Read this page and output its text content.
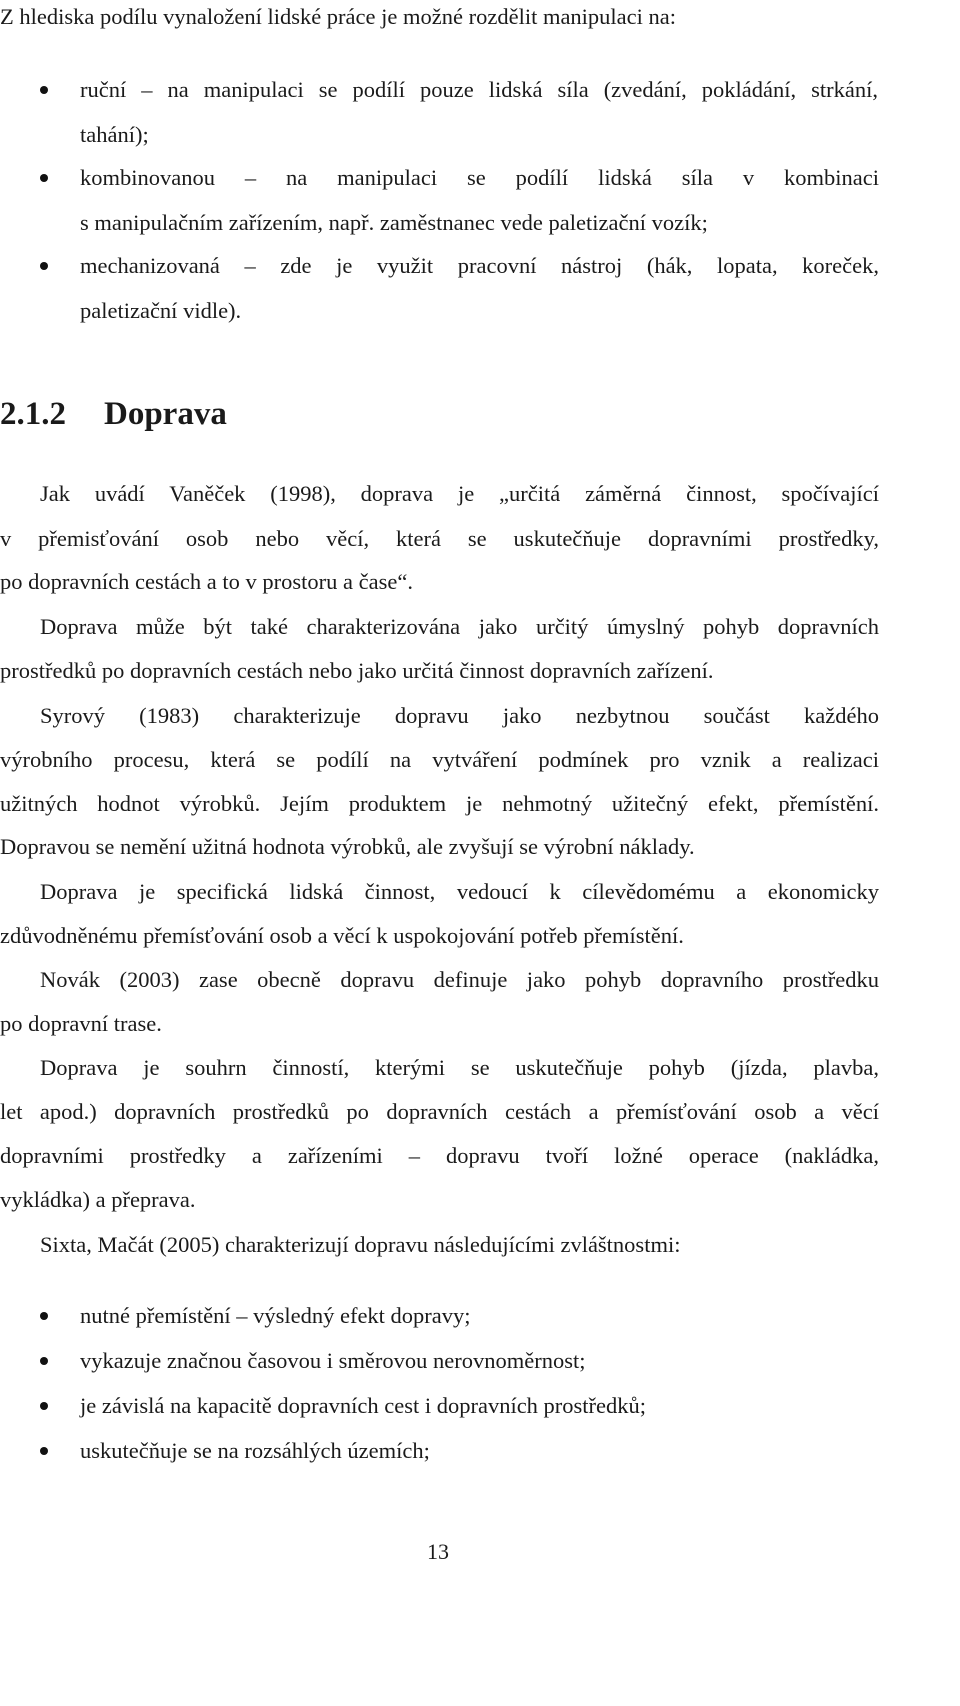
Z hlediska podílu vynaložení lidské práce je možné rozdělit manipulaci na:
ruční – na manipulaci se podílí pouze lidská síla (zvedání, pokládání, strkání,
tahání);
kombinovanou – na manipulaci se podílí lidská síla v kombinaci
s manipulačním zařízením, např. zaměstnanec vede paletizační vozík;
mechanizovaná – zde je využit pracovní nástroj (hák, lopata, koreček,
paletizační vidle).
2.1.2 Doprava
Jak uvádí Vaněček (1998), doprava je „určitá záměrná činnost, spočívající
v přemisťování osob nebo věcí, která se uskutečňuje dopravními prostředky,
po dopravních cestách a to v prostoru a čase“.
Doprava může být také charakterizována jako určitý úmyslný pohyb dopravních
prostředků po dopravních cestách nebo jako určitá činnost dopravních zařízení.
Syrový (1983) charakterizuje dopravu jako nezbytnou součást každého
výrobního procesu, která se podílí na vytváření podmínek pro vznik a realizaci
užitných hodnot výrobků. Jejím produktem je nehmotný užitečný efekt, přemístění.
Dopravou se nemění užitná hodnota výrobků, ale zvyšují se výrobní náklady.
Doprava je specifická lidská činnost, vedoucí k cílevědomému a ekonomicky
zdůvodněnému přemísťování osob a věcí k uspokojování potřeb přemístění.
Novák (2003) zase obecně dopravu definuje jako pohyb dopravního prostředku
po dopravní trase.
Doprava je souhrn činností, kterými se uskutečňuje pohyb (jízda, plavba,
let apod.) dopravních prostředků po dopravních cestách a přemísťování osob a věcí
dopravními prostředky a zařízeními – dopravu tvoří ložné operace (nakládka,
vykládka) a přeprava.
Sixta, Mačát (2005) charakterizují dopravu následujícími zvláštnostmi:
nutné přemístění – výsledný efekt dopravy;
vykazuje značnou časovou i směrovou nerovnoměrnost;
je závislá na kapacitě dopravních cest i dopravních prostředků;
uskutečňuje se na rozsáhlých územích;
13
